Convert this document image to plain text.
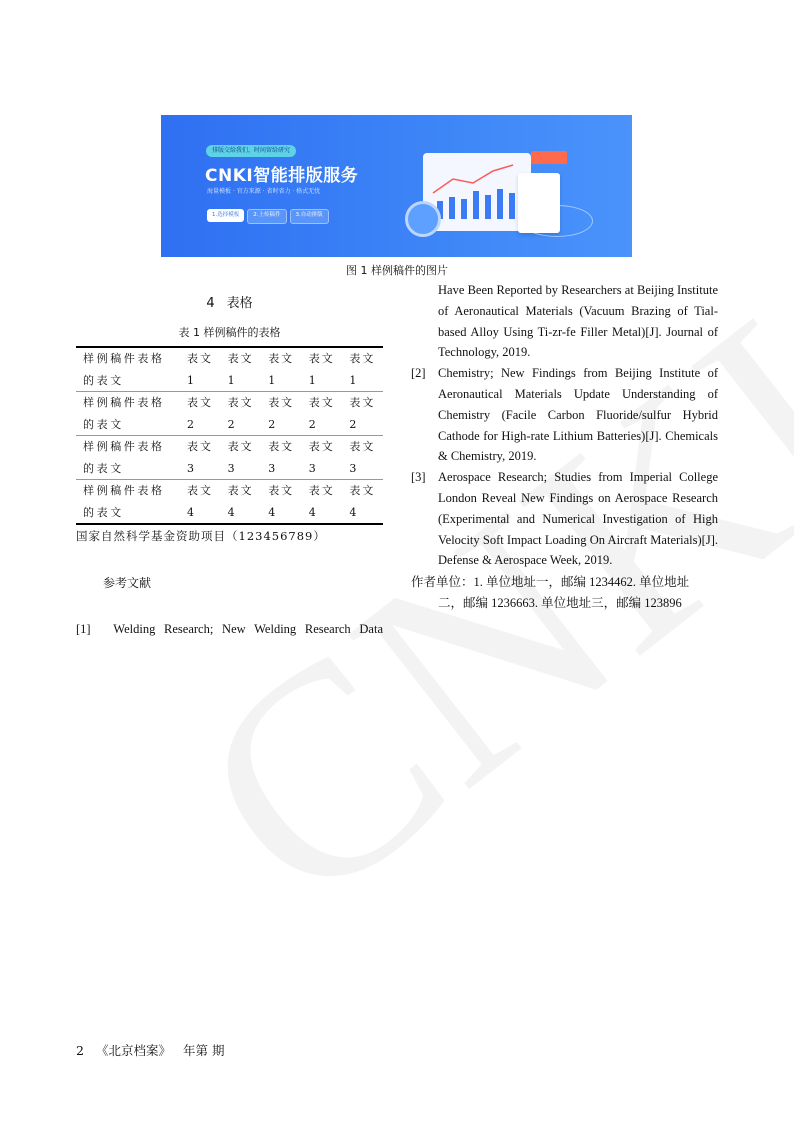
排版交给我们，时间留给研究
CNKI智能排版服务
海量模板 · 官方来源 · 省时省力 · 格式无忧
1.选择模板	2.上传稿件	3.自动排版
图 1 样例稿件的图片

4 表格

表 1 样例稿件的表格
样例稿件表格	表文	表文	表文	表文	表文
的表文	1	1	1	1	1
样例稿件表格	表文	表文	表文	表文	表文
的表文	2	2	2	2	2
样例稿件表格	表文	表文	表文	表文	表文
的表文	3	3	3	3	3
样例稿件表格	表文	表文	表文	表文	表文
的表文	4	4	4	4	4
国家自然科学基金资助项目（123456789）
参考文献
[1] Welding Research; New Welding Research Data
Have Been Reported by Researchers at Beijing Institute of Aeronautical Materials (Vacuum Brazing of Tial-based Alloy Using Ti-zr-fe Filler Metal)[J]. Journal of Technology, 2019.
[2] Chemistry; New Findings from Beijing Institute of Aeronautical Materials Update Understanding of Chemistry (Facile Carbon Fluoride/sulfur Hybrid Cathode for High-rate Lithium Batteries)[J]. Chemicals & Chemistry, 2019.
[3] Aerospace Research; Studies from Imperial College London Reveal New Findings on Aerospace Research (Experimental and Numerical Investigation of High Velocity Soft Impact Loading On Aircraft Materials)[J]. Defense & Aerospace Week, 2019.
作者单位：1. 单位地址一，邮编 1234462. 单位地址
二，邮编 1236663. 单位地址三，邮编 123896
2 《北京档案》 年第 期
